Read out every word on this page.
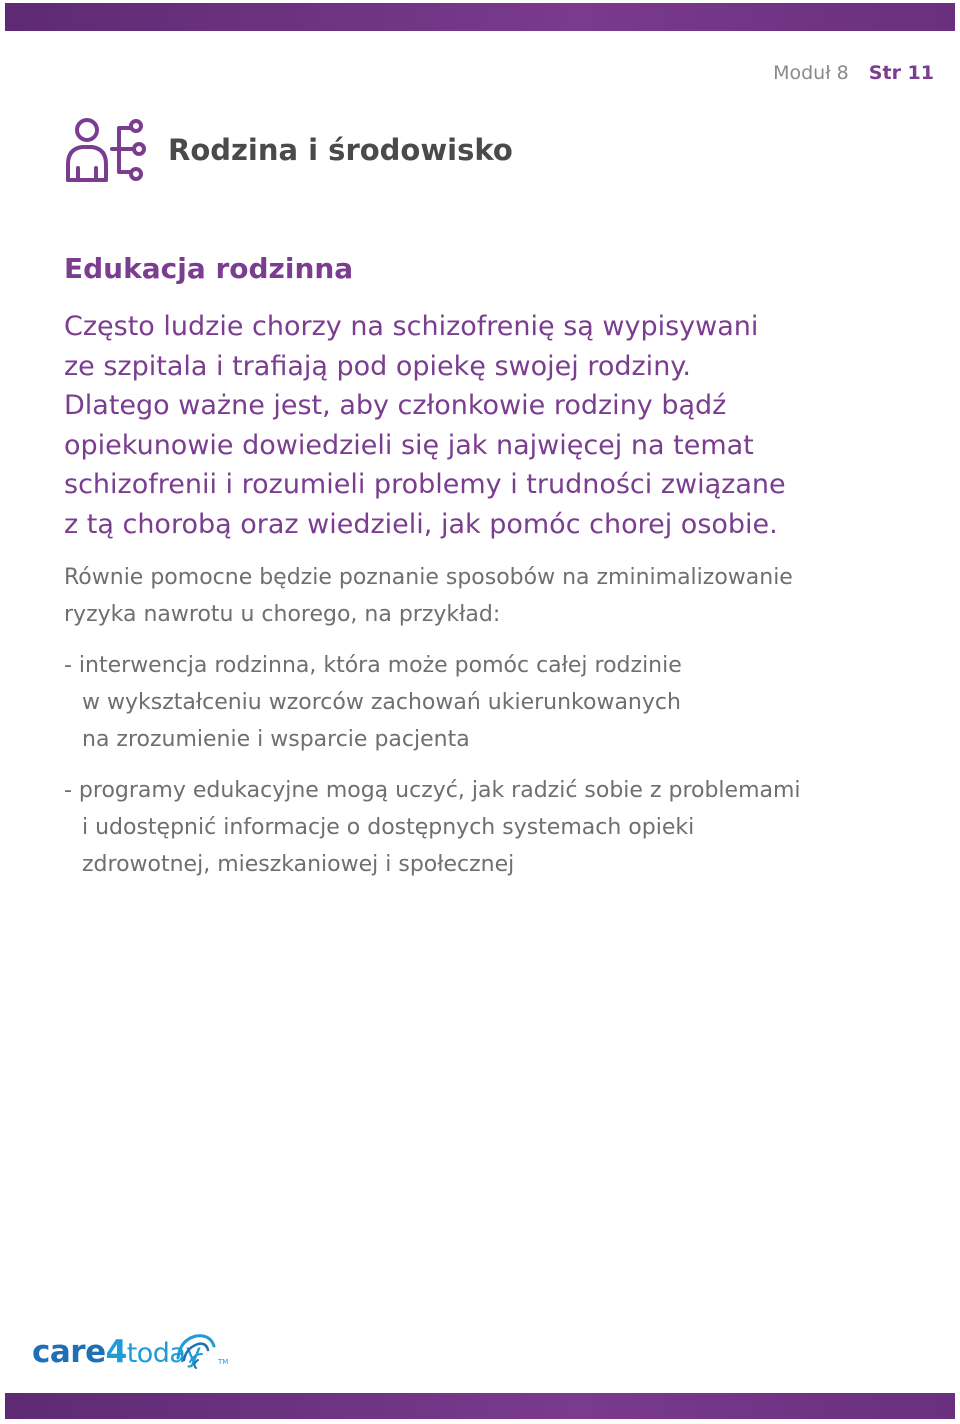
Moduł 8 Str 11
Rodzina i środowisko
Edukacja rodzinna

Często ludzie chorzy na schizofrenię są wypisywani
ze szpitala i trafiają pod opiekę swojej rodziny.
Dlatego ważne jest, aby członkowie rodziny bądź
opiekunowie dowiedzieli się jak najwięcej na temat
schizofrenii i rozumieli problemy i trudności związane
z tą chorobą oraz wiedzieli, jak pomóc chorej osobie.

Równie pomocne będzie poznanie sposobów na zminimalizowanie
ryzyka nawrotu u chorego, na przykład:

- interwencja rodzinna, która może pomóc całej rodzinie
w wykształceniu wzorców zachowań ukierunkowanych
na zrozumienie i wsparcie pacjenta

- programy edukacyjne mogą uczyć, jak radzić sobie z problemami
i udostępnić informacje o dostępnych systemach opieki
zdrowotnej, mieszkaniowej i społecznej

care4today TM
